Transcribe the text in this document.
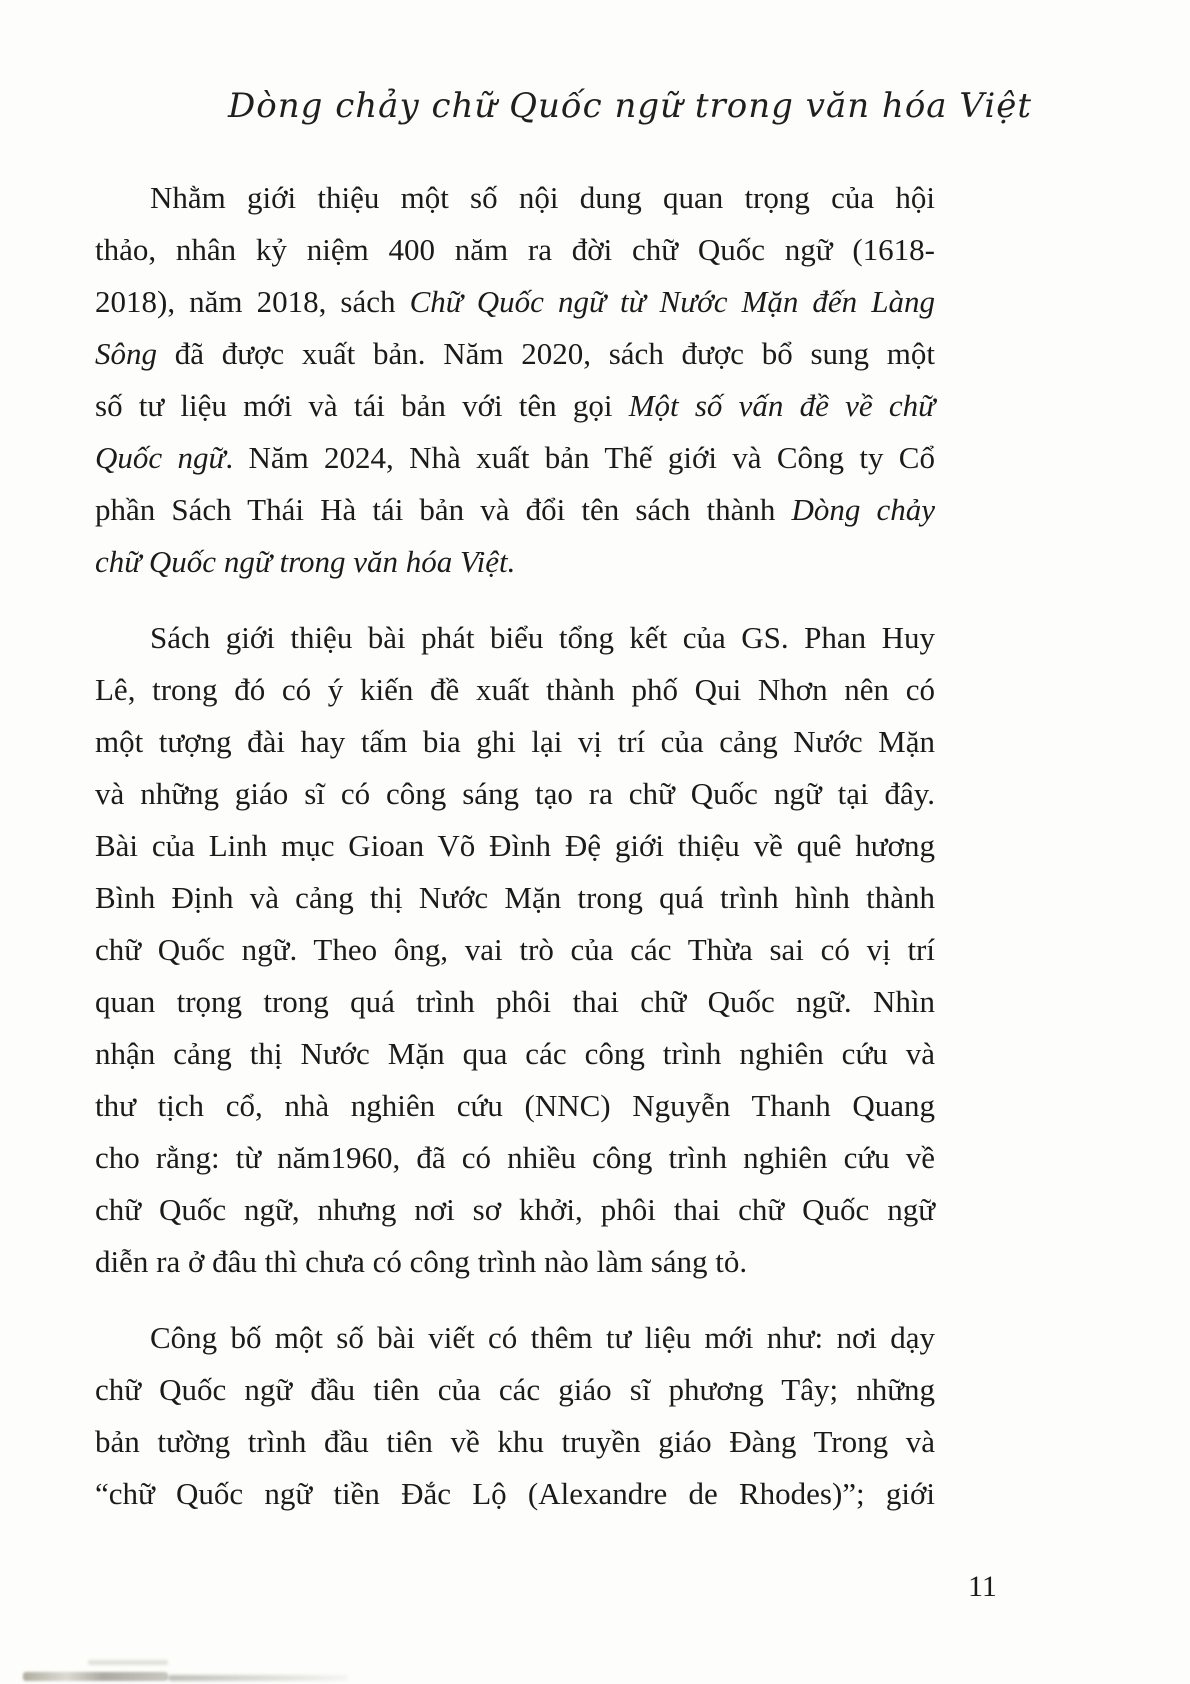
Dòng chảy chữ Quốc ngữ trong văn hóa Việt
Nhằm giới thiệu một số nội dung quan trọng của hội
thảo, nhân kỷ niệm 400 năm ra đời chữ Quốc ngữ (1618-
2018), năm 2018, sách Chữ Quốc ngữ từ Nước Mặn đến Làng
Sông đã được xuất bản. Năm 2020, sách được bổ sung một
số tư liệu mới và tái bản với tên gọi Một số vấn đề về chữ
Quốc ngữ. Năm 2024, Nhà xuất bản Thế giới và Công ty Cổ
phần Sách Thái Hà tái bản và đổi tên sách thành Dòng chảy
chữ Quốc ngữ trong văn hóa Việt.
Sách giới thiệu bài phát biểu tổng kết của GS. Phan Huy
Lê, trong đó có ý kiến đề xuất thành phố Qui Nhơn nên có
một tượng đài hay tấm bia ghi lại vị trí của cảng Nước Mặn
và những giáo sĩ có công sáng tạo ra chữ Quốc ngữ tại đây.
Bài của Linh mục Gioan Võ Đình Đệ giới thiệu về quê hương
Bình Định và cảng thị Nước Mặn trong quá trình hình thành
chữ Quốc ngữ. Theo ông, vai trò của các Thừa sai có vị trí
quan trọng trong quá trình phôi thai chữ Quốc ngữ. Nhìn
nhận cảng thị Nước Mặn qua các công trình nghiên cứu và
thư tịch cổ, nhà nghiên cứu (NNC) Nguyễn Thanh Quang
cho rằng: từ năm1960, đã có nhiều công trình nghiên cứu về
chữ Quốc ngữ, nhưng nơi sơ khởi, phôi thai chữ Quốc ngữ
diễn ra ở đâu thì chưa có công trình nào làm sáng tỏ.
Công bố một số bài viết có thêm tư liệu mới như: nơi dạy
chữ Quốc ngữ đầu tiên của các giáo sĩ phương Tây; những
bản tường trình đầu tiên về khu truyền giáo Đàng Trong và
“chữ Quốc ngữ tiền Đắc Lộ (Alexandre de Rhodes)”; giới
11
